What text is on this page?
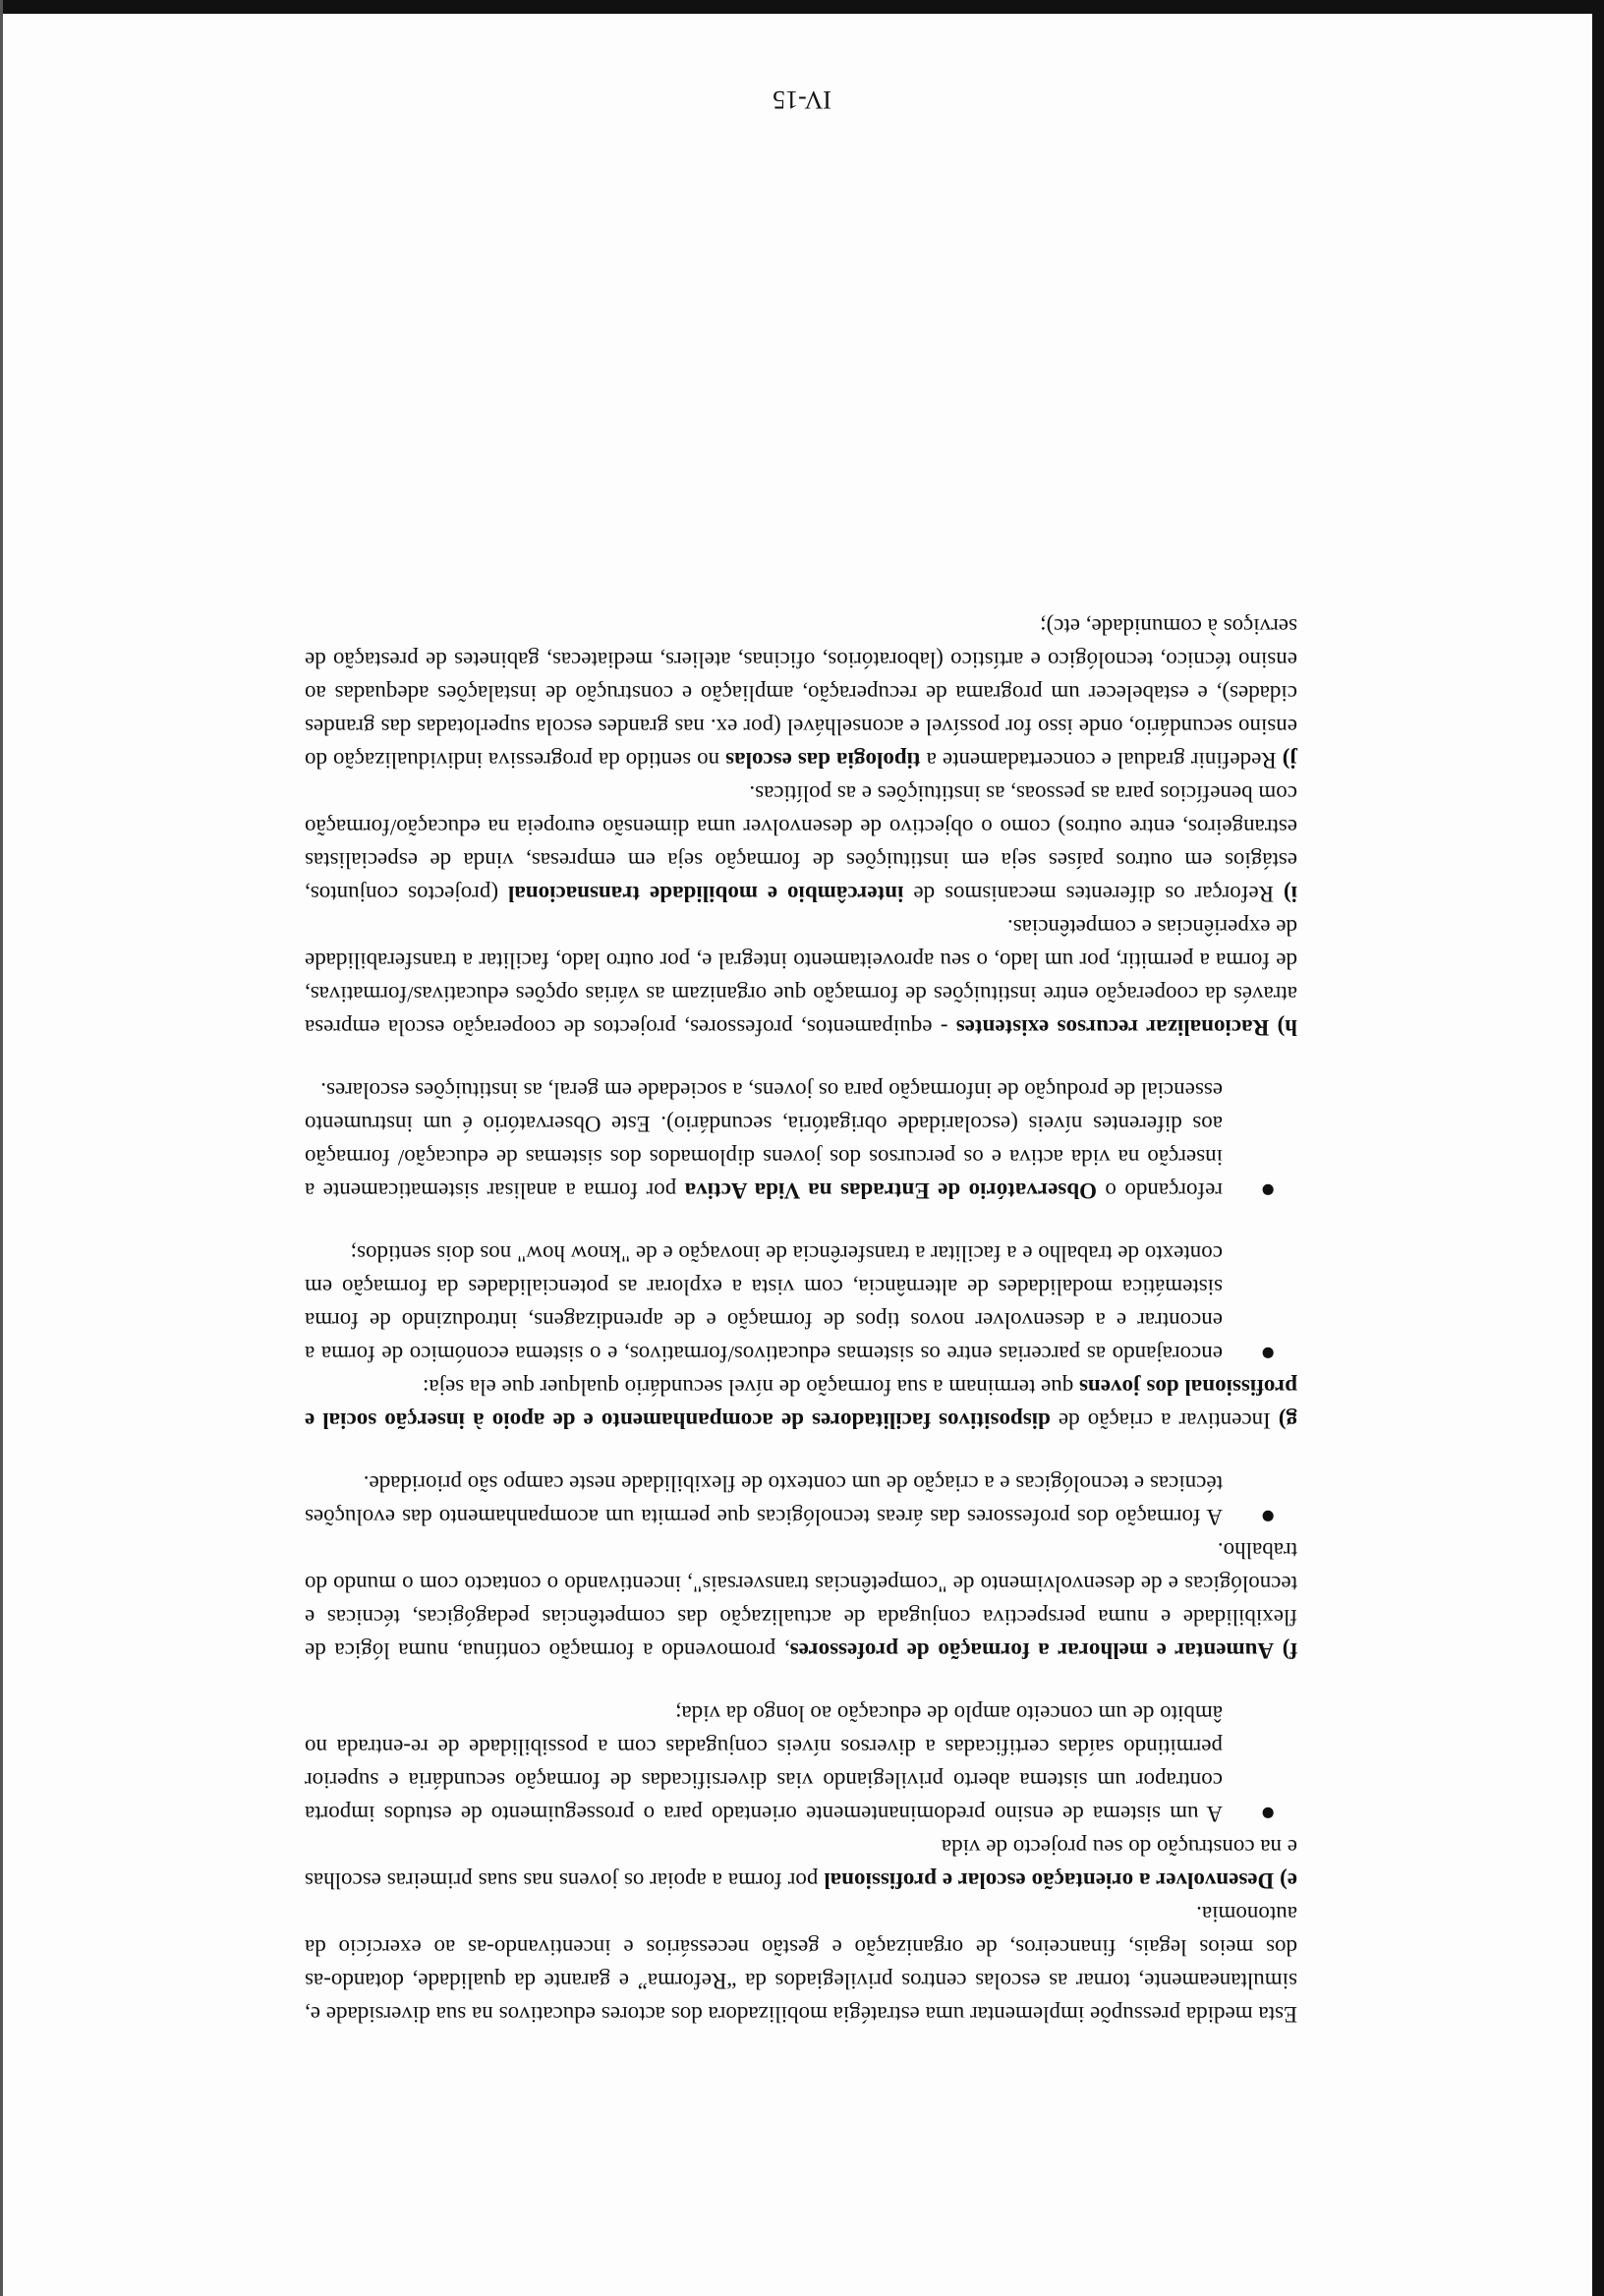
Esta medida pressupõe implementar uma estratégia mobilizadora dos actores educativos na sua diversidade e, simultaneamente, tornar as escolas centros privilegiados da “Reforma” e garante da qualidade, dotando-as dos meios legais, financeiros, de organização e gestão necessários e incentivando-as ao exercício da autonomia.

e) Desenvolver a orientação escolar e profissional por forma a apoiar os jovens nas suas primeiras escolhas e na construção do seu projecto de vida

●
A um sistema de ensino predominantemente orientado para o prosseguimento de estudos importa contrapor um sistema aberto privilegiando vias diversificadas de formação secundária e superior permitindo saídas certificadas a diversos níveis conjugadas com a possibilidade de re-entrada no âmbito de um conceito amplo de educação ao longo da vida;

f) Aumentar e melhorar a formação de professores, promovendo a formação contínua, numa lógica de flexibilidade e numa perspectiva conjugada de actualização das competências pedagógicas, técnicas e tecnológicas e de desenvolvimento de "competências transversais", incentivando o contacto com o mundo do trabalho.

●
A formação dos professores das áreas tecnológicas que permita um acompanhamento das evoluções técnicas e tecnológicas e a criação de um contexto de flexibilidade neste campo são prioridade.

g) Incentivar a criação de dispositivos facilitadores de acompanhamento e de apoio à inserção social e profissional dos jovens que terminam a sua formação de nível secundário qualquer que ela seja:

●
encorajando as parcerias entre os sistemas educativos/formativos, e o sistema económico de forma a encontrar e a desenvolver novos tipos de formação e de aprendizagens, introduzindo de forma sistemática modalidades de alternância, com vista a explorar as potencialidades da formação em contexto de trabalho e a facilitar a transferência de inovação e de "know how" nos dois sentidos;
●
reforçando o Observatório de Entradas na Vida Activa por forma a analisar sistematicamente a inserção na vida activa e os percursos dos jovens diplomados dos sistemas de educação/ formação aos diferentes níveis (escolaridade obrigatória, secundário). Este Observatório é um instrumento essencial de produção de informação para os jovens, a sociedade em geral, as instituições escolares.

h) Racionalizar recursos existentes - equipamentos, professores, projectos de cooperação escola empresa através da cooperação entre instituições de formação que organizam as várias opções educativas/formativas, de forma a permitir, por um lado, o seu aproveitamento integral e, por outro lado, facilitar a transferabilidade de experiências e competências.

i) Reforçar os diferentes mecanismos de intercâmbio e mobilidade transnacional (projectos conjuntos, estágios em outros países seja em instituições de formação seja em empresas, vinda de especialistas estrangeiros, entre outros) como o objectivo de desenvolver uma dimensão europeia na educação/formação com benefícios para as pessoas, as instituições e as políticas.

j) Redefinir gradual e concertadamente a tipologia das escolas no sentido da progressiva individualização do ensino secundário, onde isso for possível e aconselhável (por ex. nas grandes escola superlotadas das grandes cidades), e estabelecer um programa de recuperação, ampliação e construção de instalações adequadas ao ensino técnico, tecnológico e artístico (laboratórios, oficinas, ateliers, mediatecas, gabinetes de prestação de serviços à comunidade, etc);

IV-15
